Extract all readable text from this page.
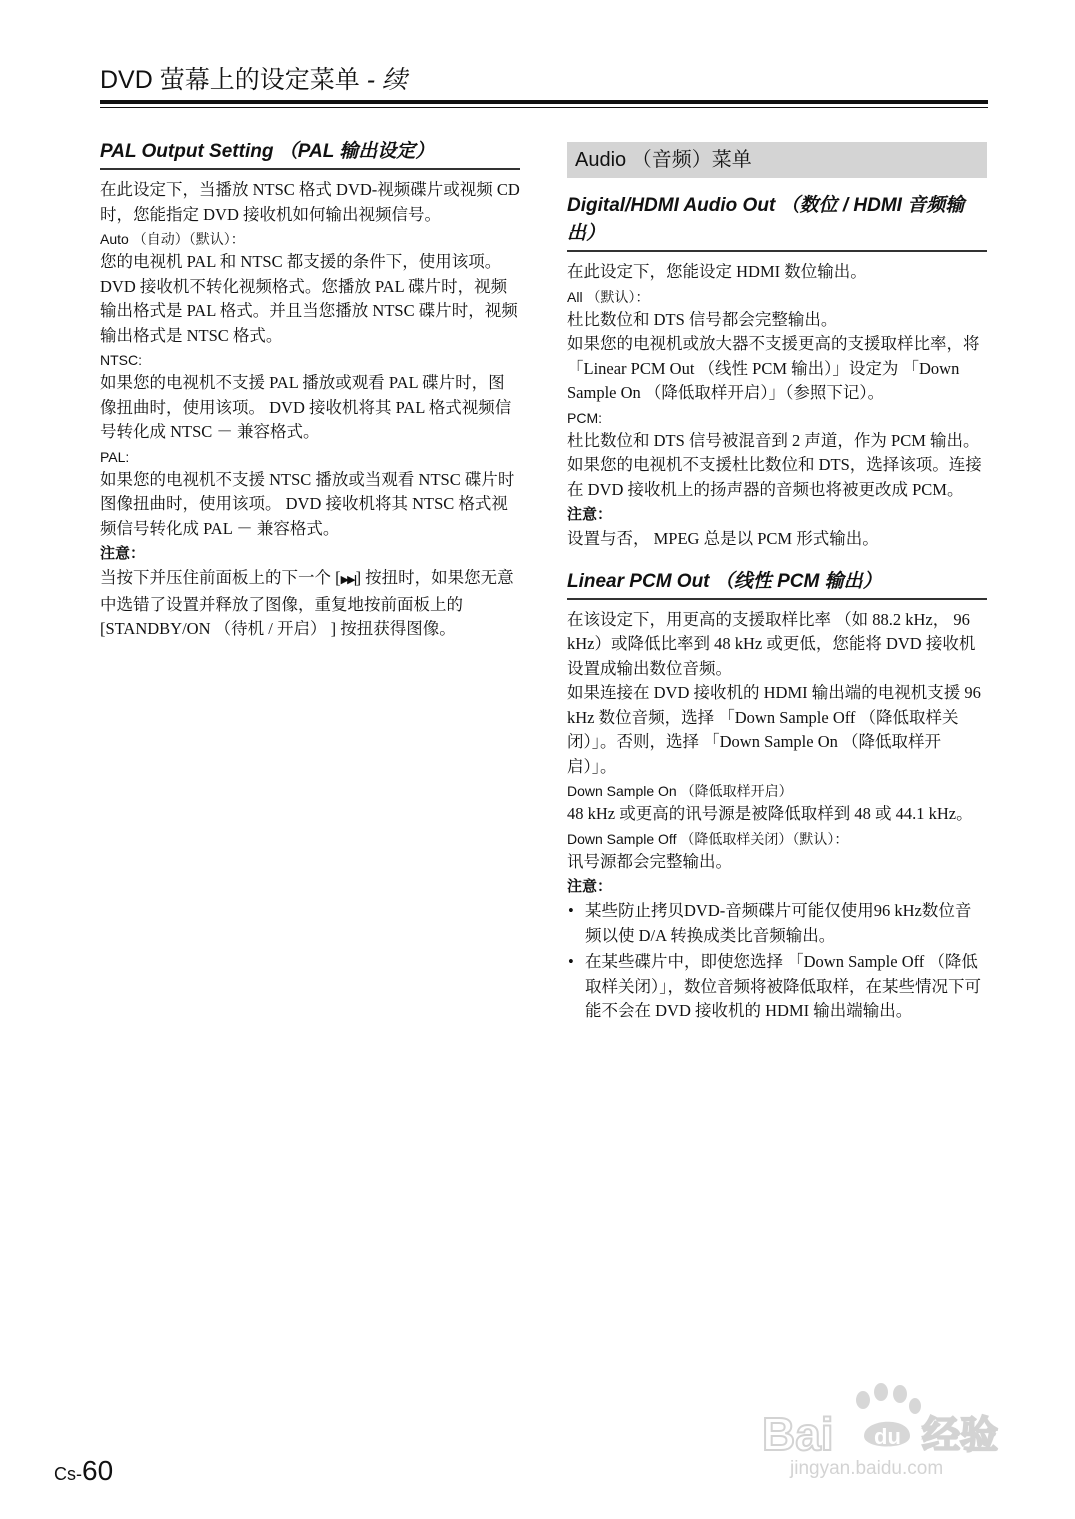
DVD 萤幕上的设定菜单 - 续
PAL Output Setting （PAL 输出设定）

在此设定下，当播放 NTSC 格式 DVD-视频碟片或视频 CD 时，您能指定 DVD 接收机如何输出视频信号。

Auto （自动）（默认）：

您的电视机 PAL 和 NTSC 都支援的条件下，使用该项。 DVD 接收机不转化视频格式。您播放 PAL 碟片时，视频输出格式是 PAL 格式。并且当您播放 NTSC 碟片时，视频输出格式是 NTSC 格式。

NTSC:

如果您的电视机不支援 PAL 播放或观看 PAL 碟片时，图像扭曲时，使用该项。 DVD 接收机将其 PAL 格式视频信号转化成 NTSC － 兼容格式。

PAL:

如果您的电视机不支援 NTSC 播放或当观看 NTSC 碟片时图像扭曲时，使用该项。 DVD 接收机将其 NTSC 格式视频信号转化成 PAL － 兼容格式。

注意：

当按下并压住前面板上的下一个 [▶▶|] 按扭时，如果您无意中选错了设置并释放了图像，重复地按前面板上的 [STANDBY/ON （待机 / 开启） ] 按扭获得图像。

Audio （音频）菜单
Digital/HDMI Audio Out （数位 / HDMI 音频输出）

在此设定下，您能设定 HDMI 数位输出。

All （默认）：

杜比数位和 DTS 信号都会完整输出。

如果您的电视机或放大器不支援更高的支援取样比率，将 「Linear PCM Out （线性 PCM 输出）」设定为 「Down Sample On （降低取样开启）」（参照下记）。

PCM:

杜比数位和 DTS 信号被混音到 2 声道，作为 PCM 输出。如果您的电视机不支援杜比数位和 DTS，选择该项。连接在 DVD 接收机上的扬声器的音频也将被更改成 PCM。

注意：

设置与否， MPEG 总是以 PCM 形式输出。

Linear PCM Out （线性 PCM 输出）

在该设定下，用更高的支援取样比率 （如 88.2 kHz， 96 kHz）或降低比率到 48 kHz 或更低，您能将 DVD 接收机设置成输出数位音频。

如果连接在 DVD 接收机的 HDMI 输出端的电视机支援 96 kHz 数位音频，选择 「Down Sample Off （降低取样关闭）」。否则，选择 「Down Sample On （降低取样开启）」。

Down Sample On （降低取样开启）

48 kHz 或更高的讯号源是被降低取样到 48 或 44.1 kHz。

Down Sample Off （降低取样关闭）（默认）：

讯号源都会完整输出。

注意：
• 某些防止拷贝DVD-音频碟片可能仅使用96 kHz数位音频以使 D/A 转换成类比音频输出。
• 在某些碟片中，即使您选择 「Down Sample Off （降低取样关闭）」，数位音频将被降低取样，在某些情况下可能不会在 DVD 接收机的 HDMI 输出端输出。
Cs-60
Bai du 经验
jingyan.baidu.com
